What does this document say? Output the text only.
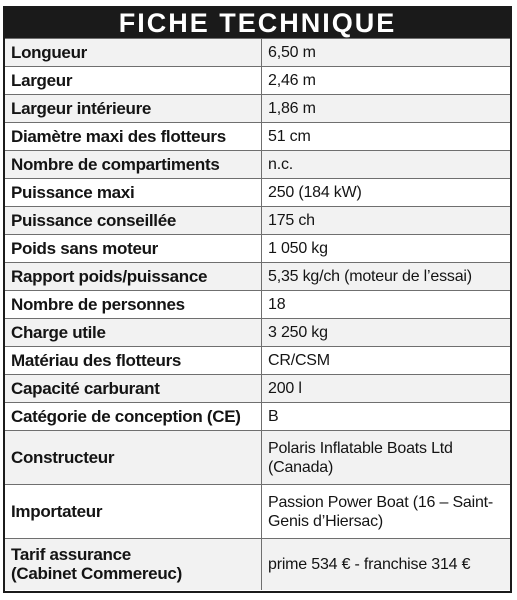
FICHE TECHNIQUE
Longueur	6,50 m
Largeur	2,46 m
Largeur intérieure	1,86 m
Diamètre maxi des flotteurs	51 cm
Nombre de compartiments	n.c.
Puissance maxi	250 (184 kW)
Puissance conseillée	175 ch
Poids sans moteur	1 050 kg
Rapport poids/puissance	5,35 kg/ch (moteur de l’essai)
Nombre de personnes	18
Charge utile	3 250 kg
Matériau des flotteurs	CR/CSM
Capacité carburant	200 l
Catégorie de conception (CE)	B
Constructeur	Polaris Inflatable Boats Ltd
(Canada)

Importateur	Passion Power Boat (16 – Saint-
Genis d’Hiersac)

Tarif assurance
(Cabinet Commereuc)	prime 534 € - franchise 314 €
